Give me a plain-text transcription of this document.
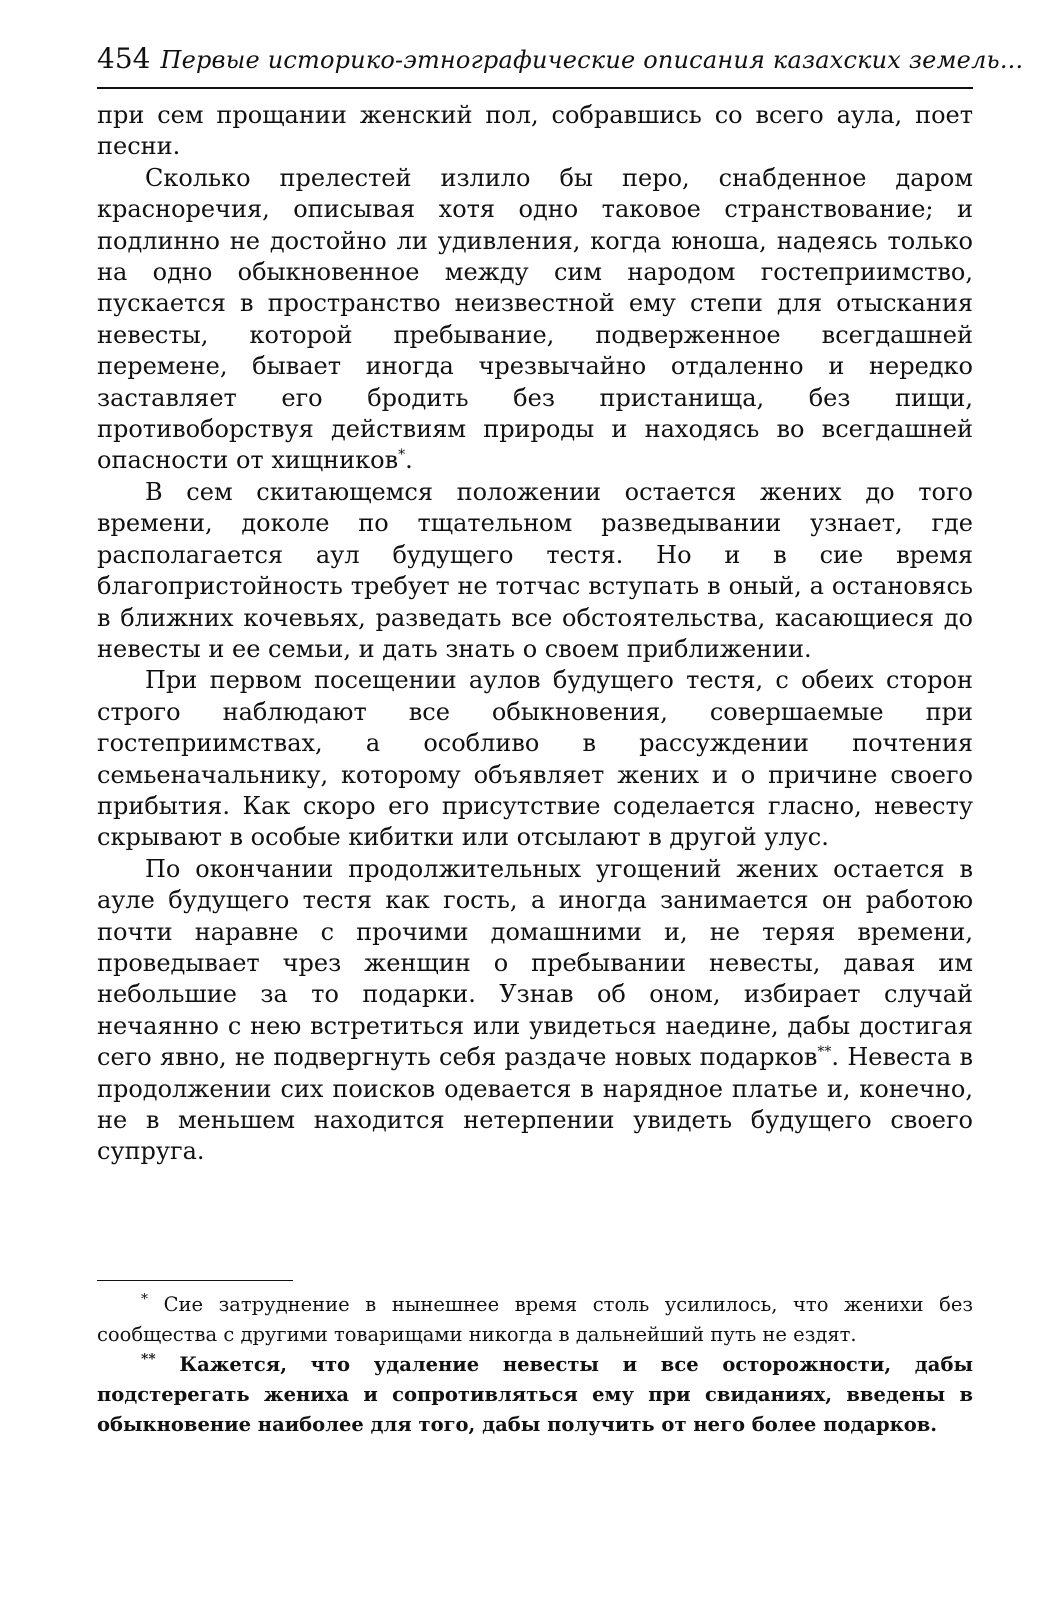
454 Первые историко-этнографические описания казахских земель...

при сем прощании женский пол, собравшись со всего аула, поет песни.

Сколько прелестей излило бы перо, снабденное даром красноречия, описывая хотя одно таковое странствование; и подлинно не достойно ли удивления, когда юноша, надеясь только на одно обыкновенное между сим народом гостеприимство, пускается в пространство неизвестной ему степи для отыскания невесты, которой пребывание, подверженное всегдашней перемене, бывает иногда чрезвычайно отдаленно и нередко заставляет его бродить без пристанища, без пищи, противоборствуя действиям природы и находясь во всегдашней опасности от хищников*.

В сем скитающемся положении остается жених до того времени, доколе по тщательном разведывании узнает, где располагается аул будущего тестя. Но и в сие время благопристойность требует не тотчас вступать в оный, а остановясь в ближних кочевьях, разведать все обстоятельства, касающиеся до невесты и ее семьи, и дать знать о своем приближении.

При первом посещении аулов будущего тестя, с обеих сторон строго наблюдают все обыкновения, совершаемые при гостеприимствах, а особливо в рассуждении почтения семьеначальнику, которому объявляет жених и о причине своего прибытия. Как скоро его присутствие соделается гласно, невесту скрывают в особые кибитки или отсылают в другой улус.

По окончании продолжительных угощений жених остается в ауле будущего тестя как гость, а иногда занимается он работою почти наравне с прочими домашними и, не теряя времени, проведывает чрез женщин о пребывании невесты, давая им небольшие за то подарки. Узнав об оном, избирает случай нечаянно с нею встретиться или увидеться наедине, дабы достигая сего явно, не подвергнуть себя раздаче новых подарков**. Невеста в продолжении сих поисков одевается в нарядное платье и, конечно, не в меньшем находится нетерпении увидеть будущего своего супруга.

* Сие затруднение в нынешнее время столь усилилось, что женихи без сообщества с другими товарищами никогда в дальнейший путь не ездят.

** Кажется, что удаление невесты и все осторожности, дабы подстерегать жениха и сопротивляться ему при свиданиях, введены в обыкновение наиболее для того, дабы получить от него более подарков.
